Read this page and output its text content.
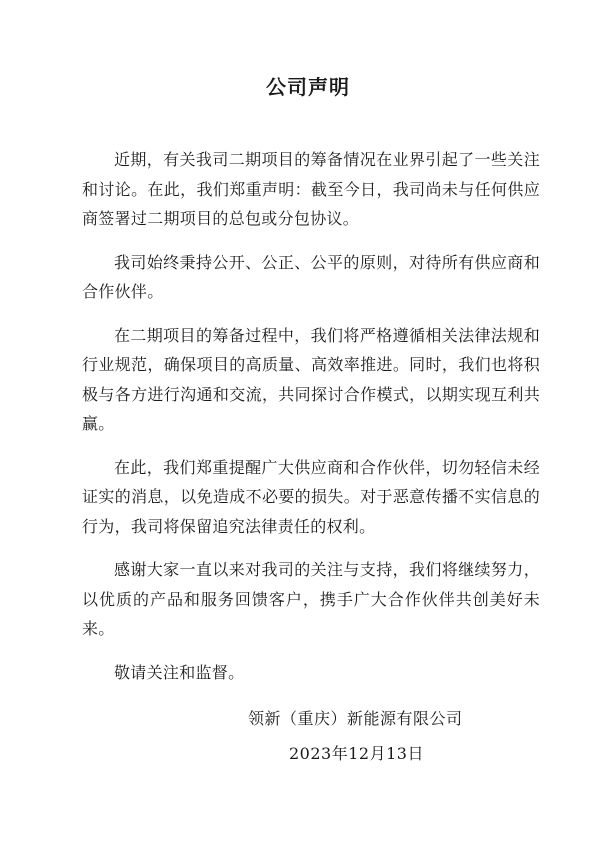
公司声明

近期，有关我司二期项目的筹备情况在业界引起了一些关注和讨论。在此，我们郑重声明：截至今日，我司尚未与任何供应商签署过二期项目的总包或分包协议。

我司始终秉持公开、公正、公平的原则，对待所有供应商和合作伙伴。

在二期项目的筹备过程中，我们将严格遵循相关法律法规和行业规范，确保项目的高质量、高效率推进。同时，我们也将积极与各方进行沟通和交流，共同探讨合作模式，以期实现互利共赢。

在此，我们郑重提醒广大供应商和合作伙伴，切勿轻信未经证实的消息，以免造成不必要的损失。对于恶意传播不实信息的行为，我司将保留追究法律责任的权利。

感谢大家一直以来对我司的关注与支持，我们将继续努力，以优质的产品和服务回馈客户，携手广大合作伙伴共创美好未来。

敬请关注和监督。

领新（重庆）新能源有限公司
2023年12月13日
